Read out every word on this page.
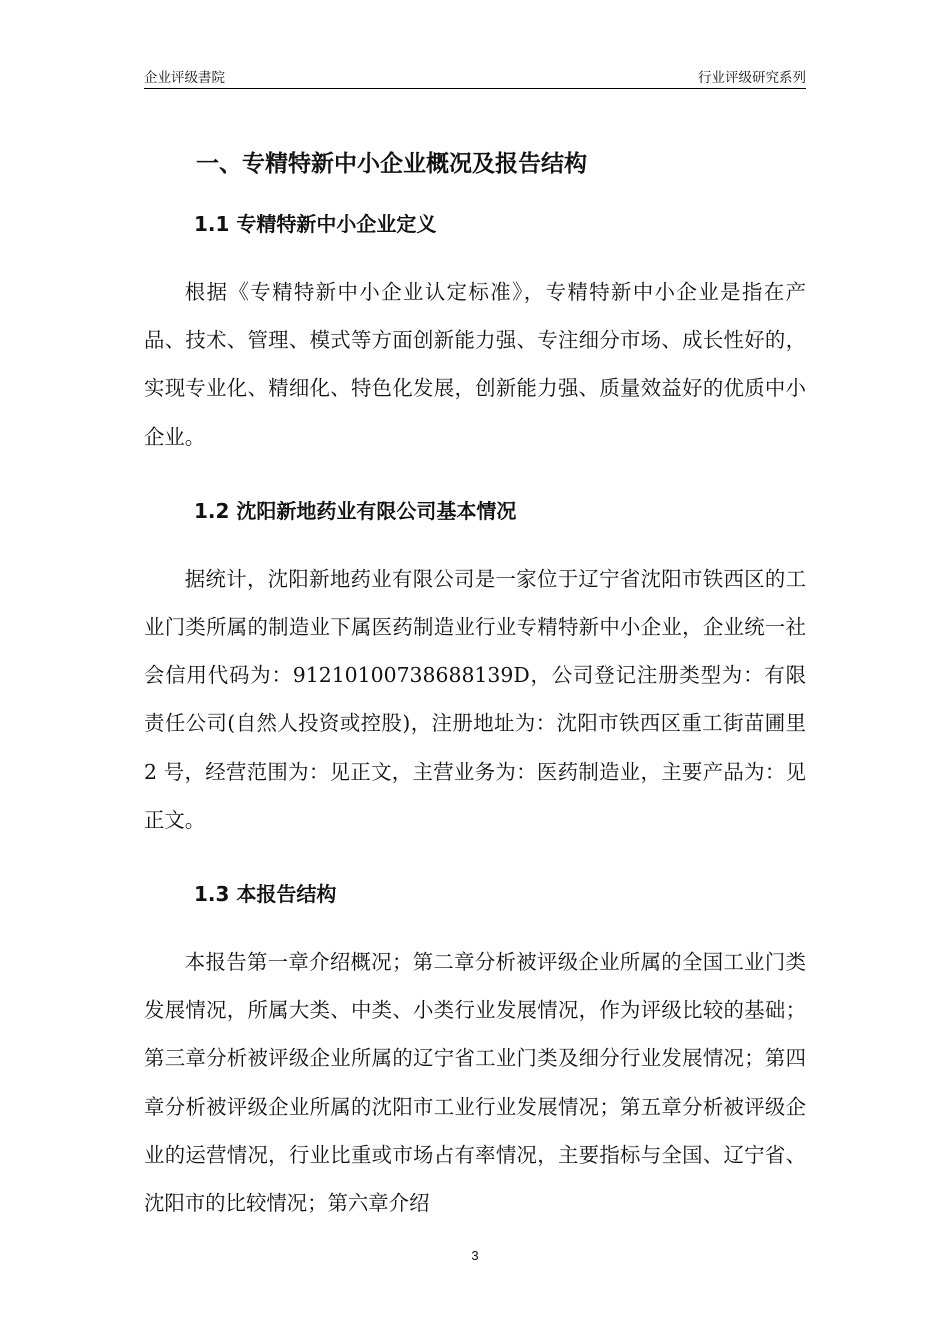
企业评级書院	行业评级研究系列
一、专精特新中小企业概况及报告结构
1.1 专精特新中小企业定义

根据《专精特新中小企业认定标准》，专精特新中小企业是指在产品、技术、管理、模式等方面创新能力强、专注细分市场、成长性好的，实现专业化、精细化、特色化发展，创新能力强、质量效益好的优质中小企业。

1.2 沈阳新地药业有限公司基本情况

据统计，沈阳新地药业有限公司是一家位于辽宁省沈阳市铁西区的工业门类所属的制造业下属医药制造业行业专精特新中小企业，企业统一社会信用代码为：91210100738688139D，公司登记注册类型为：有限责任公司(自然人投资或控股)，注册地址为：沈阳市铁西区重工街苗圃里 2 号，经营范围为：见正文，主营业务为：医药制造业，主要产品为：见正文。

1.3 本报告结构

本报告第一章介绍概况；第二章分析被评级企业所属的全国工业门类发展情况，所属大类、中类、小类行业发展情况，作为评级比较的基础；第三章分析被评级企业所属的辽宁省工业门类及细分行业发展情况；第四章分析被评级企业所属的沈阳市工业行业发展情况；第五章分析被评级企业的运营情况，行业比重或市场占有率情况，主要指标与全国、辽宁省、沈阳市的比较情况；第六章介绍

3
